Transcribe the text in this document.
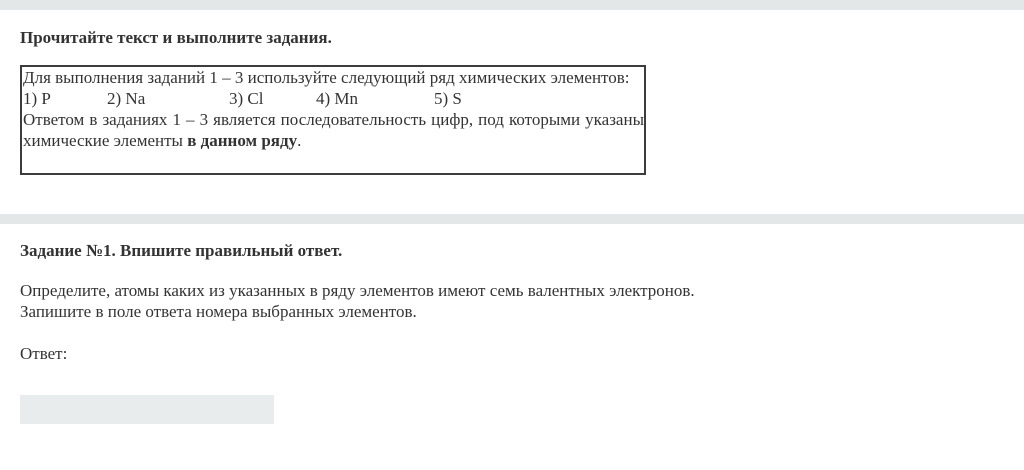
Прочитайте текст и выполните задания.

Для выполнения заданий 1 – 3 используйте следующий ряд химических элементов:

1) P	2) Na	3) Cl	4) Mn	5) S

Ответом в заданиях 1 – 3 является последовательность цифр, под которыми указаны химические элементы в данном ряду.

Задание №1. Впишите правильный ответ.

Определите, атомы каких из указанных в ряду элементов имеют семь валентных электронов.
Запишите в поле ответа номера выбранных элементов.

Ответ:
